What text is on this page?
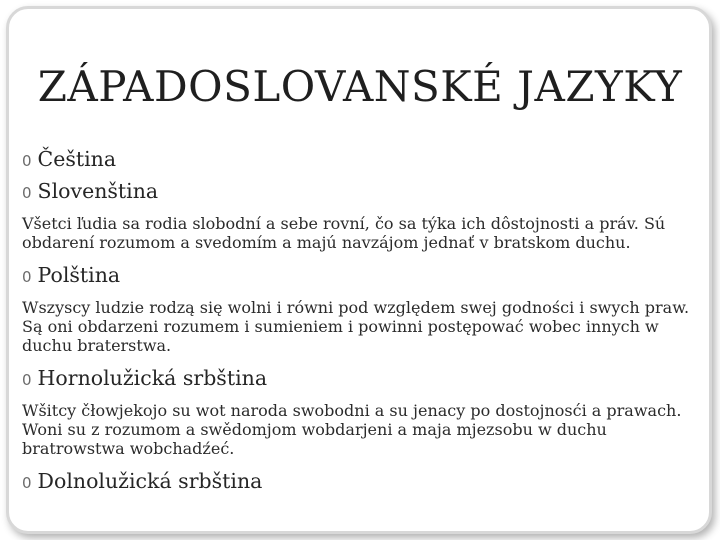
ZÁPADOSLOVANSKÉ JAZYKY
0 Čeština
0 Slovenština
Všetci ľudia sa rodia slobodní a sebe rovní, čo sa týka ich dôstojnosti a práv. Sú obdarení rozumom a svedomím a majú navzájom jednať v bratskom duchu.
0 Polština
Wszyscy ludzie rodzą się wolni i równi pod względem swej godności i swych praw. Są oni obdarzeni rozumem i sumieniem i powinni postępować wobec innych w duchu braterstwa.
0 Hornolužická srbština
Wšitcy čłowjekojo su wot naroda swobodni a su jenacy po dostojnosći a prawach. Woni su z rozumom a swědomjom wobdarjeni a maja mjezsobu w duchu bratrowstwa wobchadźeć.
0 Dolnolužická srbština
